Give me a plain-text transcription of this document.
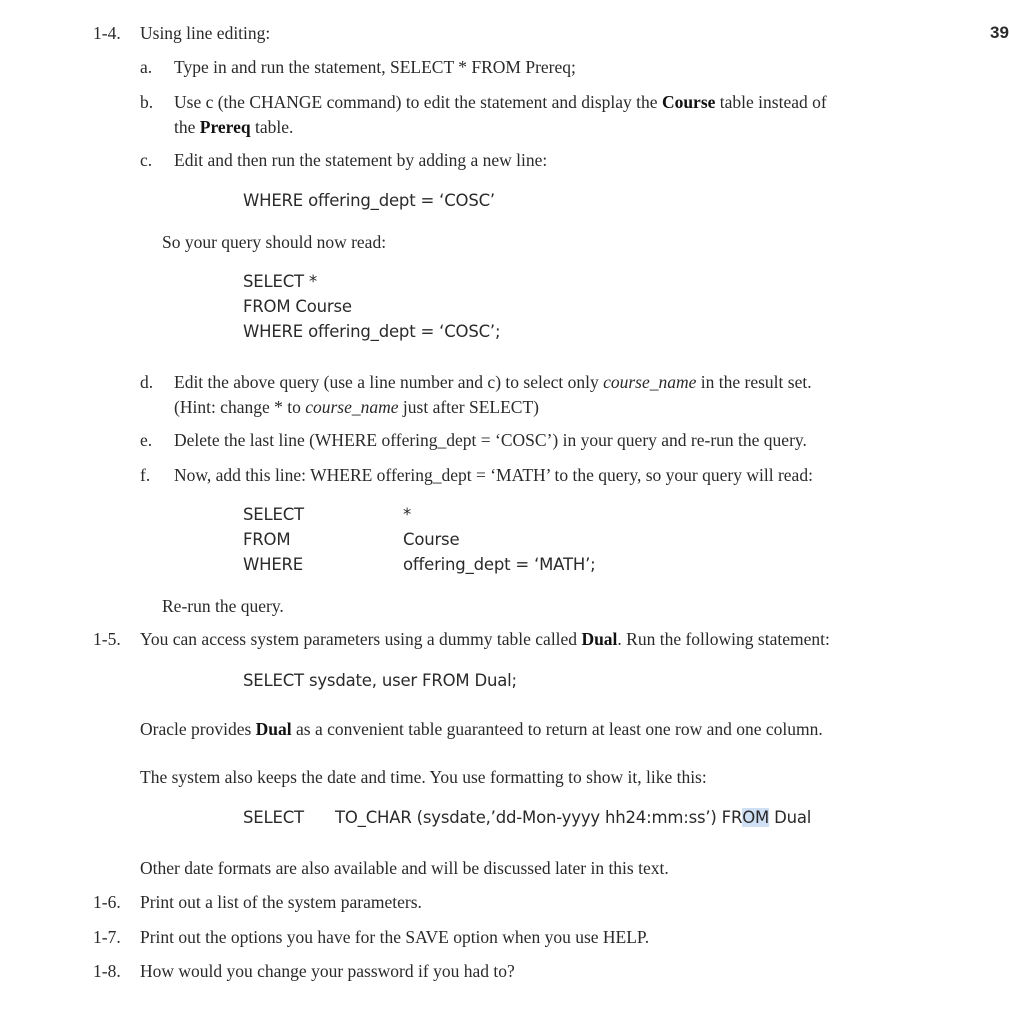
39
1-4. Using line editing:
a. Type in and run the statement, SELECT * FROM Prereq;
b. Use c (the CHANGE command) to edit the statement and display the Course table instead of
the Prereq table.
c. Edit and then run the statement by adding a new line:
WHERE offering_dept = ‘COSC’
So your query should now read:
SELECT *
FROM Course
WHERE offering_dept = ‘COSC’;
d. Edit the above query (use a line number and c) to select only course_name in the result set.
(Hint: change * to course_name just after SELECT)
e. Delete the last line (WHERE offering_dept = ‘COSC’) in your query and re-run the query.
f. Now, add this line: WHERE offering_dept = ‘MATH’ to the query, so your query will read:
SELECT	*
FROM	Course
WHERE	offering_dept = ‘MATH’;
Re-run the query.
1-5. You can access system parameters using a dummy table called Dual. Run the following statement:
SELECT sysdate, user FROM Dual;
Oracle provides Dual as a convenient table guaranteed to return at least one row and one column.
The system also keeps the date and time. You use formatting to show it, like this:
SELECT TO_CHAR (sysdate,’dd-Mon-yyyy hh24:mm:ss’) FROM Dual
Other date formats are also available and will be discussed later in this text.
1-6. Print out a list of the system parameters.
1-7. Print out the options you have for the SAVE option when you use HELP.
1-8. How would you change your password if you had to?
